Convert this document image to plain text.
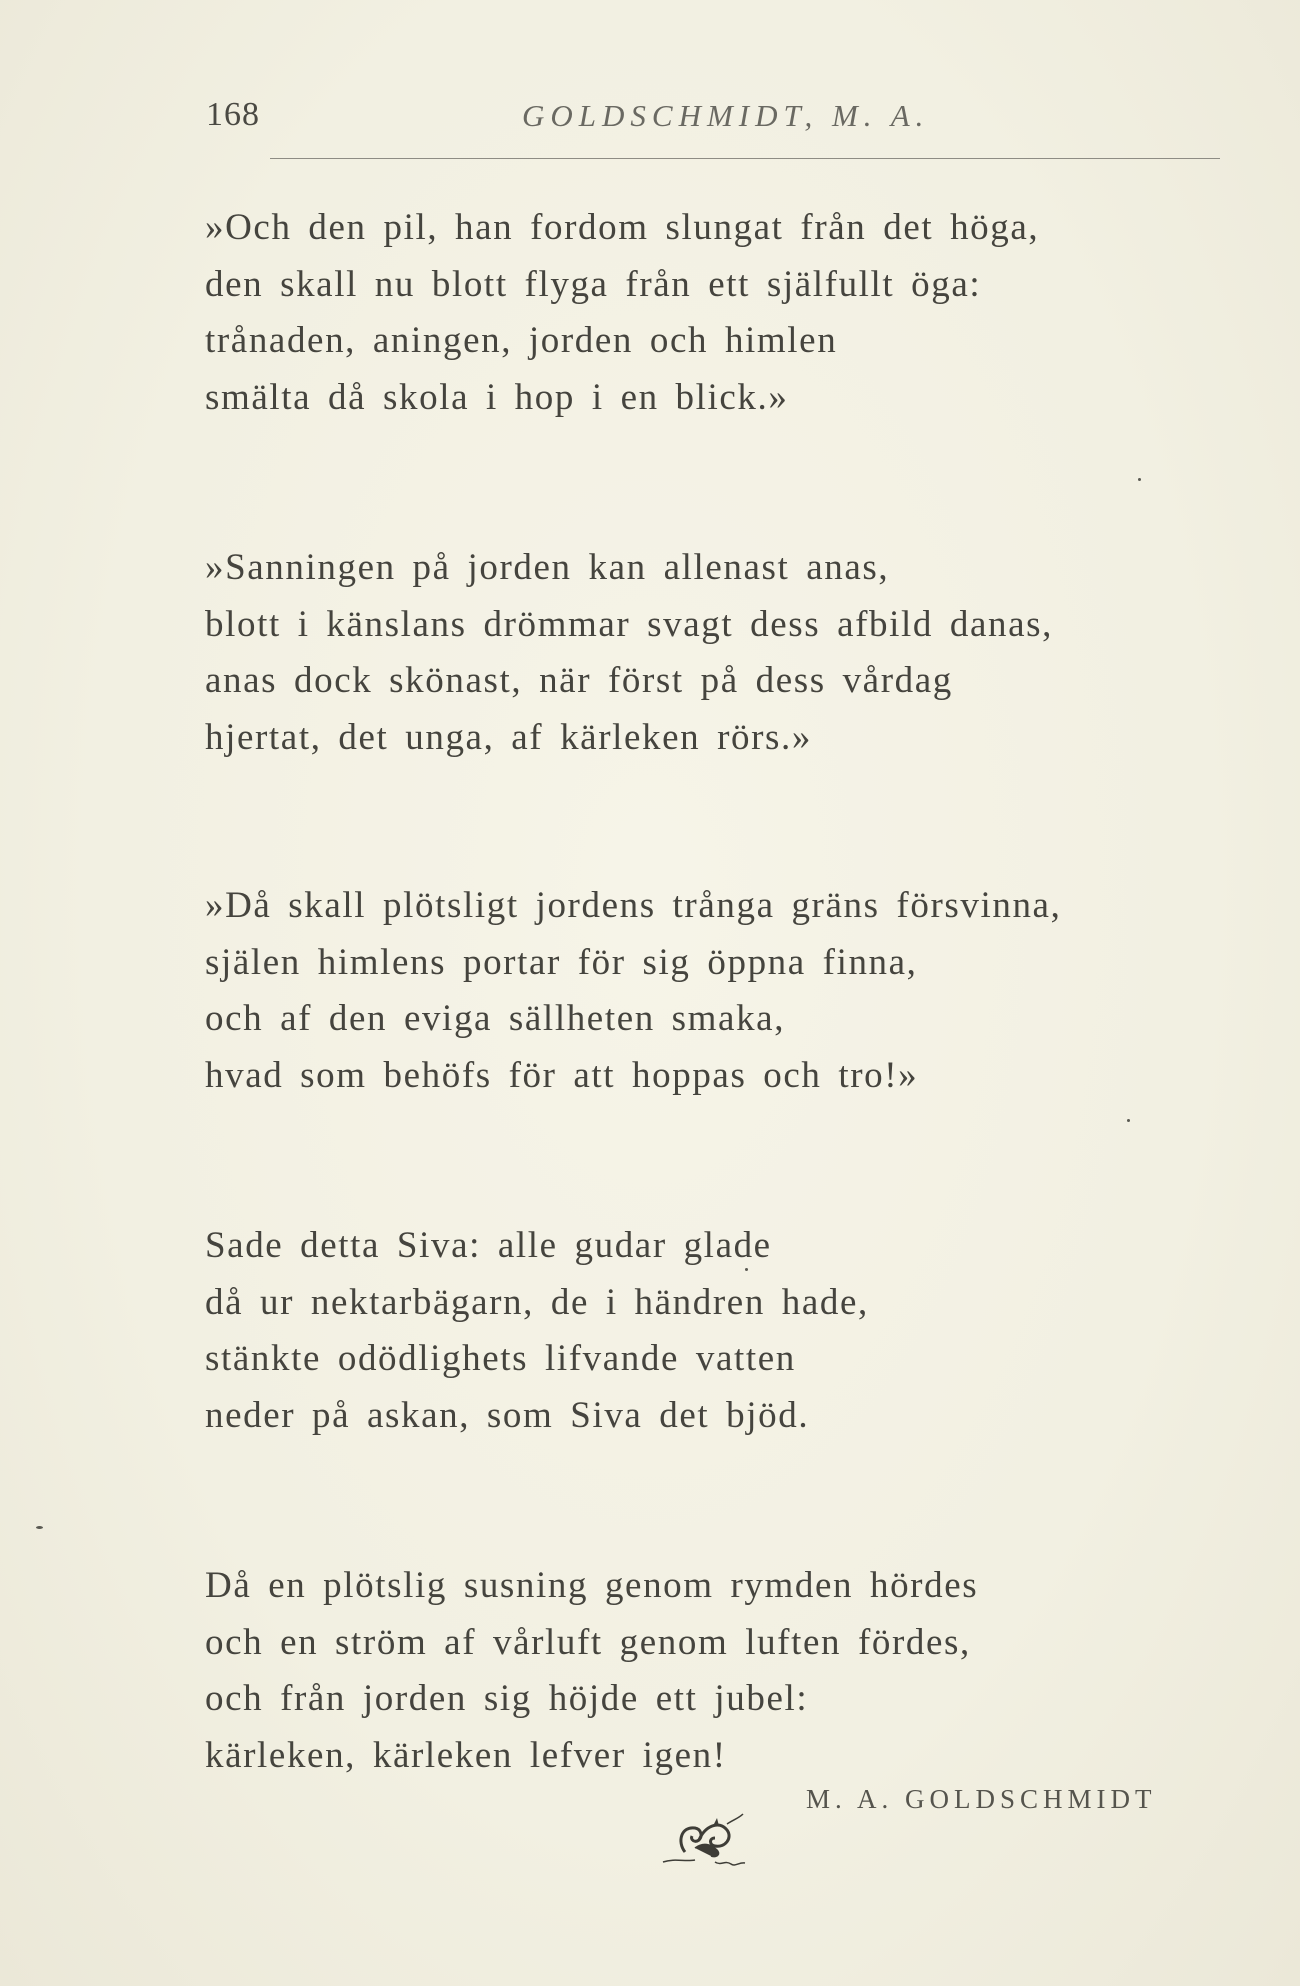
168	GOLDSCHMIDT, M. A.
»Och den pil, han fordom slungat från det höga,
den skall nu blott flyga från ett själfullt öga:
trånaden, aningen, jorden och himlen
smälta då skola i hop i en blick.»
»Sanningen på jorden kan allenast anas,
blott i känslans drömmar svagt dess afbild danas,
anas dock skönast, när först på dess vårdag
hjertat, det unga, af kärleken rörs.»
»Då skall plötsligt jordens trånga gräns försvinna,
själen himlens portar för sig öppna finna,
och af den eviga sällheten smaka,
hvad som behöfs för att hoppas och tro!»
Sade detta Siva: alle gudar glade
då ur nektarbägarn, de i händren hade,
stänkte odödlighets lifvande vatten
neder på askan, som Siva det bjöd.
Då en plötslig susning genom rymden hördes
och en ström af vårluft genom luften fördes,
och från jorden sig höjde ett jubel:
kärleken, kärleken lefver igen!
M. A. GOLDSCHMIDT
